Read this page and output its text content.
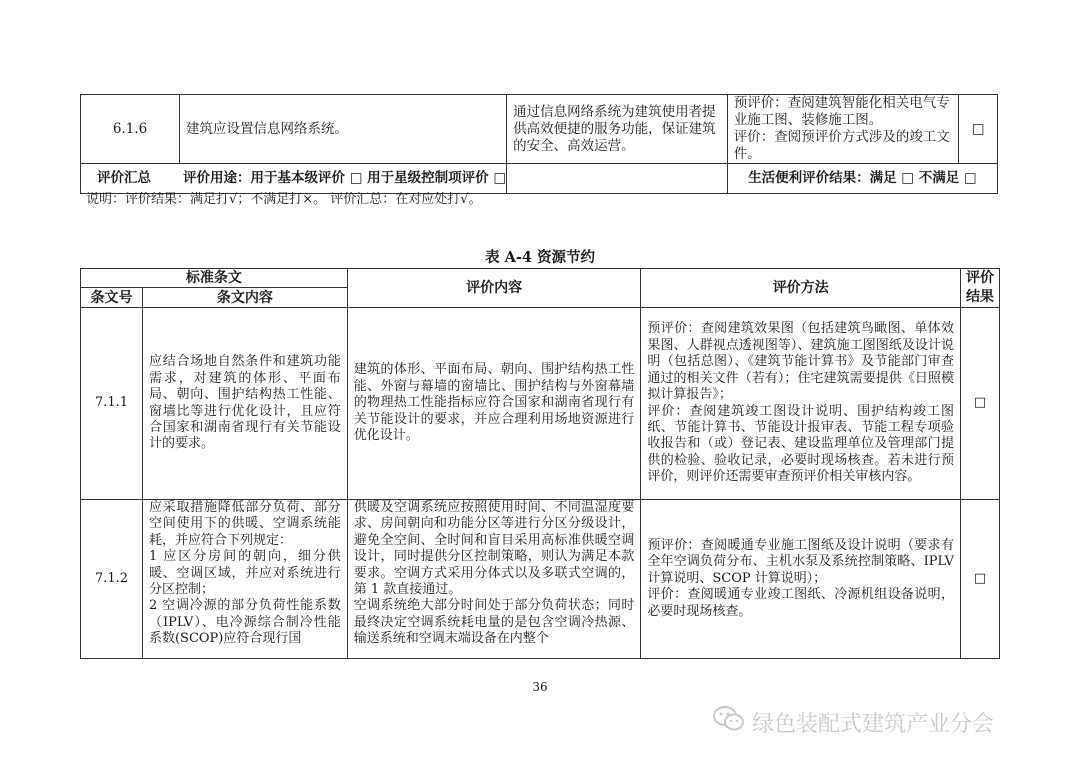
6.1.6	建筑应设置信息网络系统。	通过信息网络系统为建筑使用者提供高效便捷的服务功能，保证建筑的安全、高效运营。	预评价：查阅建筑智能化相关电气专业施工图、装修施工图。
评价：查阅预评价方式涉及的竣工文件。	□

评价汇总 评价用途：用于基本级评价 □ 用于星级控制项评价 □			生活便利评价结果：满足 □ 不满足 □	
说明：评价结果：满足打√；不满足打×。 评价汇总：在对应处打√。
表 A-4 资源节约
标准条文		评价内容	评价方法	评价
结果
条文号	条文内容			
7.1.1	应结合场地自然条件和建筑功能需求，对建筑的体形、平面布局、朝向、围护结构热工性能、窗墙比等进行优化设计，且应符合国家和湖南省现行有关节能设计的要求。	建筑的体形、平面布局、朝向、围护结构热工性能、外窗与幕墙的窗墙比、围护结构与外窗幕墙的物理热工性能指标应符合国家和湖南省现行有关节能设计的要求，并应合理利用场地资源进行优化设计。	预评价：查阅建筑效果图（包括建筑鸟瞰图、单体效果图、人群视点透视图等）、建筑施工图图纸及设计说明（包括总图）、《建筑节能计算书》及节能部门审查通过的相关文件（若有）；住宅建筑需要提供《日照模拟计算报告》；
评价：查阅建筑竣工图设计说明、围护结构竣工图纸、节能计算书、节能设计报审表、节能工程专项验收报告和（或）登记表、建设监理单位及管理部门提供的检验、验收记录，必要时现场核查。若未进行预评价，则评价还需要审查预评价相关审核内容。	□
7.1.2	应采取措施降低部分负荷、部分空间使用下的供暖、空调系统能耗，并应符合下列规定：
1 应区分房间的朝向，细分供暖、空调区域，并应对系统进行分区控制；
2 空调冷源的部分负荷性能系数（IPLV）、电冷源综合制冷性能系数(SCOP)应符合现行国	供暖及空调系统应按照使用时间、不同温湿度要求、房间朝向和功能分区等进行分区分级设计，避免全空间、全时间和盲目采用高标准供暖空调设计，同时提供分区控制策略，则认为满足本款要求。空调方式采用分体式以及多联式空调的，第 1 款直接通过。
空调系统绝大部分时间处于部分负荷状态；同时最终决定空调系统耗电量的是包含空调冷热源、输送系统和空调末端设备在内整个	预评价：查阅暖通专业施工图纸及设计说明（要求有全年空调负荷分布、主机水泵及系统控制策略、IPLV 计算说明、SCOP 计算说明）；
评价：查阅暖通专业竣工图纸、冷源机组设备说明，必要时现场核查。	□
36
绿色装配式建筑产业分会
